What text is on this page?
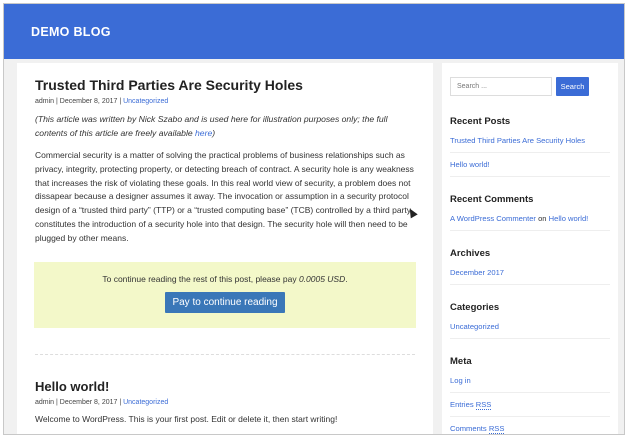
DEMO BLOG
Trusted Third Parties Are Security Holes
admin | December 8, 2017 | Uncategorized

(This article was written by Nick Szabo and is used here for illustration purposes only; the full contents of this article are freely available here)

Commercial security is a matter of solving the practical problems of business relationships such as privacy, integrity, protecting property, or detecting breach of contract. A security hole is any weakness that increases the risk of violating these goals. In this real world view of security, a problem does not dissapear because a designer assumes it away. The invocation or assumption in a security protocol design of a “trusted third party” (TTP) or a “trusted computing base” (TCB) controlled by a third party constitutes the introduction of a security hole into that design. The security hole will then need to be plugged by other means.

To continue reading the rest of this post, please pay 0.0005 USD.
Pay to continue reading
Hello world!
admin | December 8, 2017 | Uncategorized

Welcome to WordPress. This is your first post. Edit or delete it, then start writing!

Search ...	Search
Recent Posts
Trusted Third Parties Are Security Holes
Hello world!
Recent Comments
A WordPress Commenter on Hello world!
Archives
December 2017
Categories
Uncategorized
Meta
Log in
Entries RSS
Comments RSS
